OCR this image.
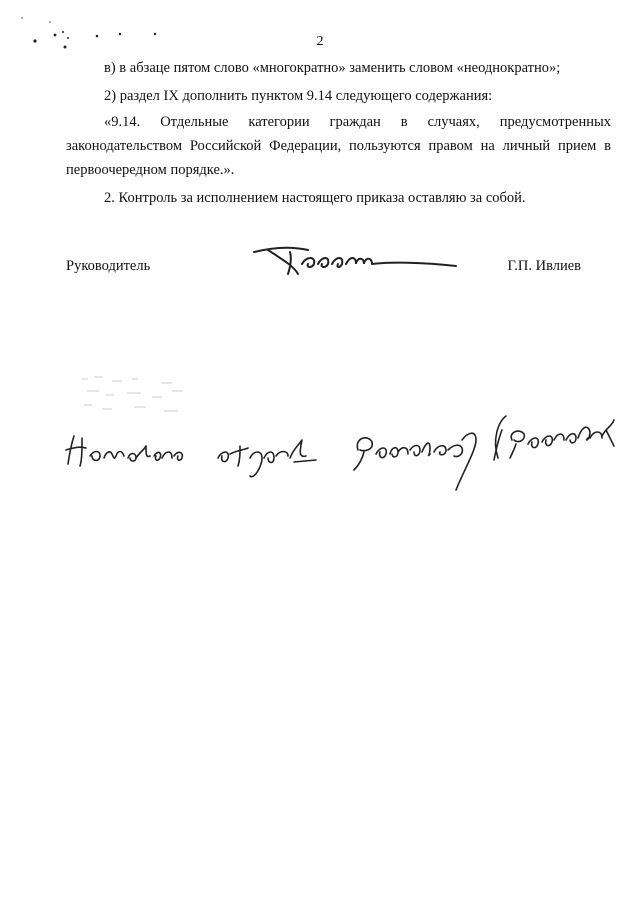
2
в) в абзаце пятом слово «многократно» заменить словом «неоднократно»;
2) раздел IX дополнить пунктом 9.14 следующего содержания:
«9.14. Отдельные категории граждан в случаях, предусмотренных
законодательством Российской Федерации, пользуются правом на личный прием в
первоочередном порядке.».
2. Контроль за исполнением настоящего приказа оставляю за собой.
Руководитель	Г.П. Ивлиев
